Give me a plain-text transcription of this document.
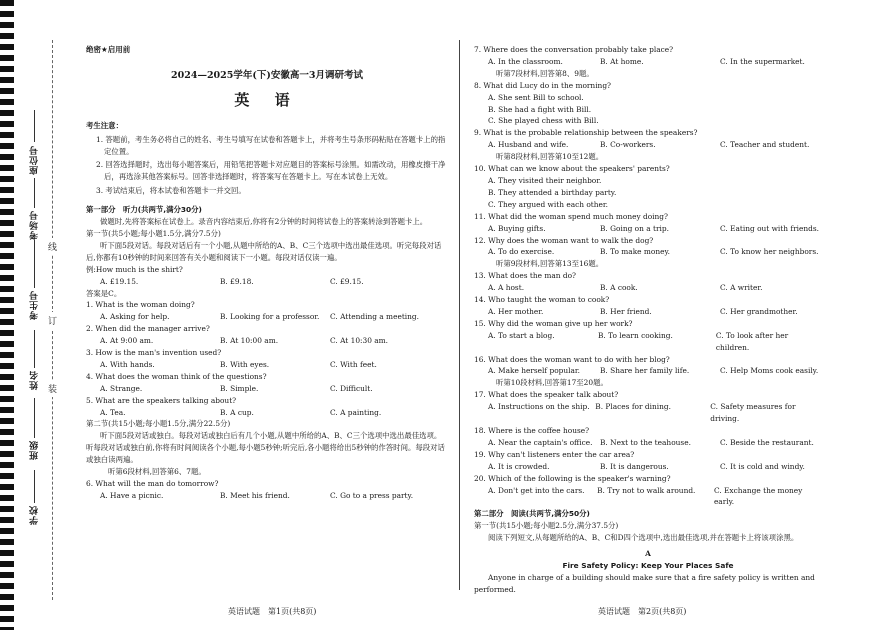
座位号
考场号
考生号
姓名
班级
学校
线
订
装
绝密★启用前
2024—2025学年(下)安徽高一3月调研考试
英 语
考生注意：
1. 答题前，考生务必将自己的姓名、考生号填写在试卷和答题卡上，并将考生号条形码粘贴在答题卡上的指定位置。
2. 回答选择题时，选出每小题答案后，用铅笔把答题卡对应题目的答案标号涂黑。如需改动，用橡皮擦干净后，再选涂其他答案标号。回答非选择题时，将答案写在答题卡上。写在本试卷上无效。
3. 考试结束后，将本试卷和答题卡一并交回。
第一部分　听力(共两节,满分30分)
做题时,先将答案标在试卷上。录音内容结束后,你将有2分钟的时间将试卷上的答案转涂到答题卡上。
第一节(共5小题;每小题1.5分,满分7.5分)
听下面5段对话。每段对话后有一个小题,从题中所给的A、B、C三个选项中选出最佳选项。听完每段对话后,你都有10秒钟的时间来回答有关小题和阅读下一小题。每段对话仅读一遍。
例:How much is the shirt?
A. £19.15.	B. £9.18.	C. £9.15.
答案是C。
1. What is the woman doing?
A. Asking for help.	B. Looking for a professor.	C. Attending a meeting.
2. When did the manager arrive?
A. At 9:00 am.	B. At 10:00 am.	C. At 10:30 am.
3. How is the man's invention used?
A. With hands.	B. With eyes.	C. With feet.
4. What does the woman think of the questions?
A. Strange.	B. Simple.	C. Difficult.
5. What are the speakers talking about?
A. Tea.	B. A cup.	C. A painting.
第二节(共15小题;每小题1.5分,满分22.5分)
听下面5段对话或独白。每段对话或独白后有几个小题,从题中所给的A、B、C三个选项中选出最佳选项。听每段对话或独白前,你将有时间阅读各个小题,每小题5秒钟;听完后,各小题将给出5秒钟的作答时间。每段对话或独白读两遍。
听第6段材料,回答第6、7题。
6. What will the man do tomorrow?
A. Have a picnic.	B. Meet his friend.	C. Go to a press party.
英语试题　第1页(共8页)
7. Where does the conversation probably take place?
A. In the classroom.	B. At home.	C. In the supermarket.
听第7段材料,回答第8、9题。
8. What did Lucy do in the morning?
A. She sent Bill to school.
B. She had a fight with Bill.
C. She played chess with Bill.
9. What is the probable relationship between the speakers?
A. Husband and wife.	B. Co-workers.	C. Teacher and student.
听第8段材料,回答第10至12题。
10. What can we know about the speakers' parents?
A. They visited their neighbor.
B. They attended a birthday party.
C. They argued with each other.
11. What did the woman spend much money doing?
A. Buying gifts.	B. Going on a trip.	C. Eating out with friends.
12. Why does the woman want to walk the dog?
A. To do exercise.	B. To make money.	C. To know her neighbors.
听第9段材料,回答第13至16题。
13. What does the man do?
A. A host.	B. A cook.	C. A writer.
14. Who taught the woman to cook?
A. Her mother.	B. Her friend.	C. Her grandmother.
15. Why did the woman give up her work?
A. To start a blog.	B. To learn cooking.	C. To look after her children.
16. What does the woman want to do with her blog?
A. Make herself popular.	B. Share her family life.	C. Help Moms cook easily.
听第10段材料,回答第17至20题。
17. What does the speaker talk about?
A. Instructions on the ship. B. Places for dining.	C. Safety measures for driving.
18. Where is the coffee house?
A. Near the captain's office.	B. Next to the teahouse.	C. Beside the restaurant.
19. Why can't listeners enter the car area?
A. It is crowded.	B. It is dangerous.	C. It is cold and windy.
20. Which of the following is the speaker's warning?
A. Don't get into the cars.	B. Try not to walk around.	C. Exchange the money early.
第二部分　阅读(共两节,满分50分)
第一节(共15小题;每小题2.5分,满分37.5分)
阅读下列短文,从每题所给的A、B、C和D四个选项中,选出最佳选项,并在答题卡上将该项涂黑。
A
Fire Safety Policy: Keep Your Places Safe
Anyone in charge of a building should make sure that a fire safety policy is written and performed.
英语试题　第2页(共8页)
